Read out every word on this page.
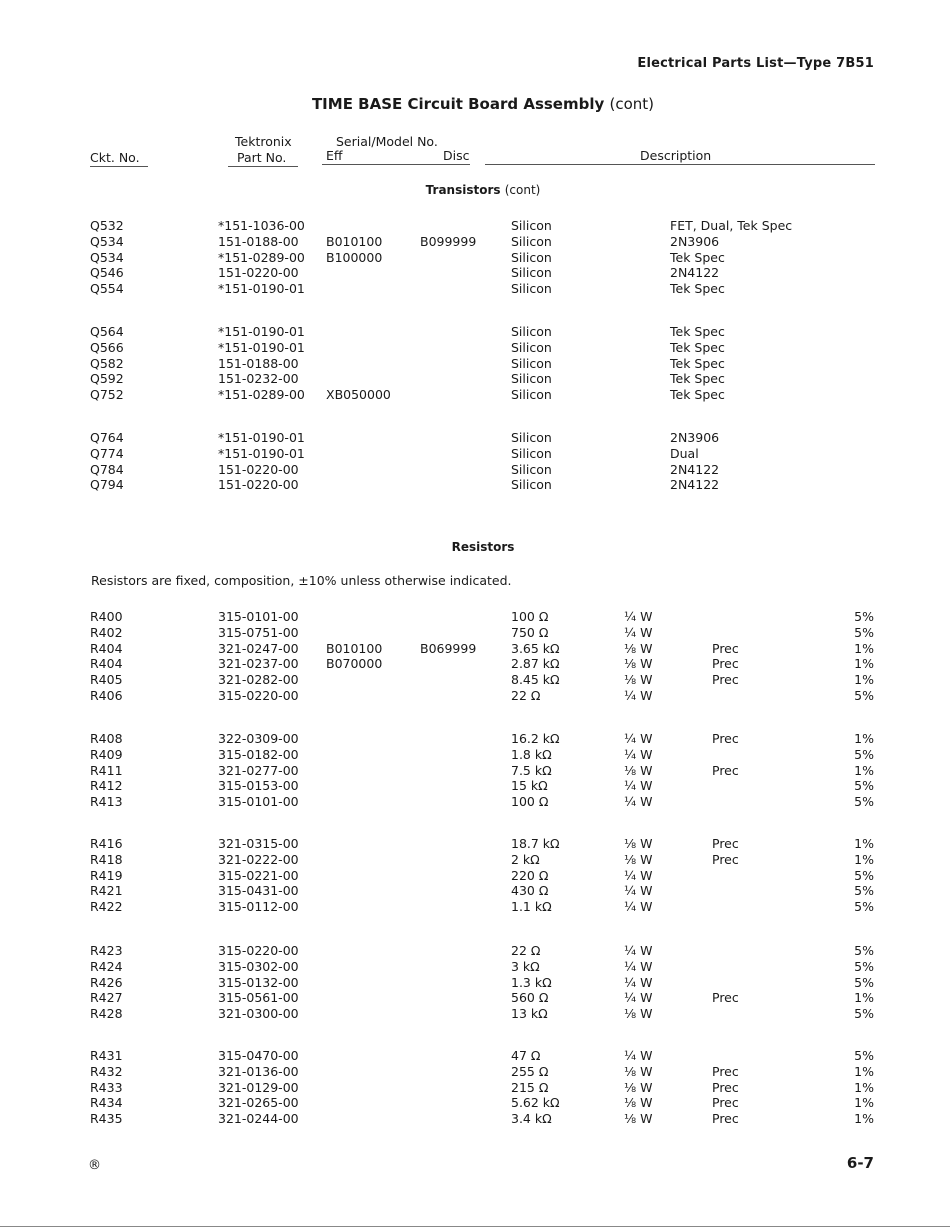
Electrical Parts List—Type 7B51
TIME BASE Circuit Board Assembly (cont)
Ckt. No.
Tektronix
Part No.
Serial/Model No.
Eff	Disc	Description
Transistors (cont)
Q532	*151-1036-00	Silicon	FET, Dual, Tek Spec
Q534	151-0188-00 B010100	B099999	Silicon	2N3906
Q534	*151-0289-00 B100000	Silicon	Tek Spec
Q546	151-0220-00	Silicon	2N4122
Q554	*151-0190-01	Silicon	Tek Spec
Q564	*151-0190-01	Silicon	Tek Spec
Q566	*151-0190-01	Silicon	Tek Spec
Q582	151-0188-00	Silicon	Tek Spec
Q592	151-0232-00	Silicon	Tek Spec
Q752	*151-0289-00 XB050000	Silicon	Tek Spec
Q764	*151-0190-01	Silicon	2N3906
Q774	*151-0190-01	Silicon	Dual
Q784	151-0220-00	Silicon	2N4122
Q794	151-0220-00	Silicon	2N4122
Resistors
Resistors are fixed, composition, ±10% unless otherwise indicated.
R400	315-0101-00	100 Ω	¼ W	5%
R402	315-0751-00	750 Ω	¼ W	5%
R404	321-0247-00 B010100	B069999	3.65 kΩ	⅛ W	Prec	1%
R404	321-0237-00 B070000	2.87 kΩ	⅛ W	Prec	1%
R405	321-0282-00	8.45 kΩ	⅛ W	Prec	1%
R406	315-0220-00	22 Ω	¼ W	5%
R408	322-0309-00	16.2 kΩ	¼ W	Prec	1%
R409	315-0182-00	1.8 kΩ	¼ W	5%
R411	321-0277-00	7.5 kΩ	⅛ W	Prec	1%
R412	315-0153-00	15 kΩ	¼ W	5%
R413	315-0101-00	100 Ω	¼ W	5%
R416	321-0315-00	18.7 kΩ	⅛ W	Prec	1%
R418	321-0222-00	2 kΩ	⅛ W	Prec	1%
R419	315-0221-00	220 Ω	¼ W	5%
R421	315-0431-00	430 Ω	¼ W	5%
R422	315-0112-00	1.1 kΩ	¼ W	5%
R423	315-0220-00	22 Ω	¼ W	5%
R424	315-0302-00	3 kΩ	¼ W	5%
R426	315-0132-00	1.3 kΩ	¼ W	5%
R427	315-0561-00	560 Ω	¼ W	Prec	1%
R428	321-0300-00	13 kΩ	⅛ W	5%
R431	315-0470-00	47 Ω	¼ W	5%
R432	321-0136-00	255 Ω	⅛ W	Prec	1%
R433	321-0129-00	215 Ω	⅛ W	Prec	1%
R434	321-0265-00	5.62 kΩ	⅛ W	Prec	1%
R435	321-0244-00	3.4 kΩ	⅛ W	Prec	1%
®	6-7
